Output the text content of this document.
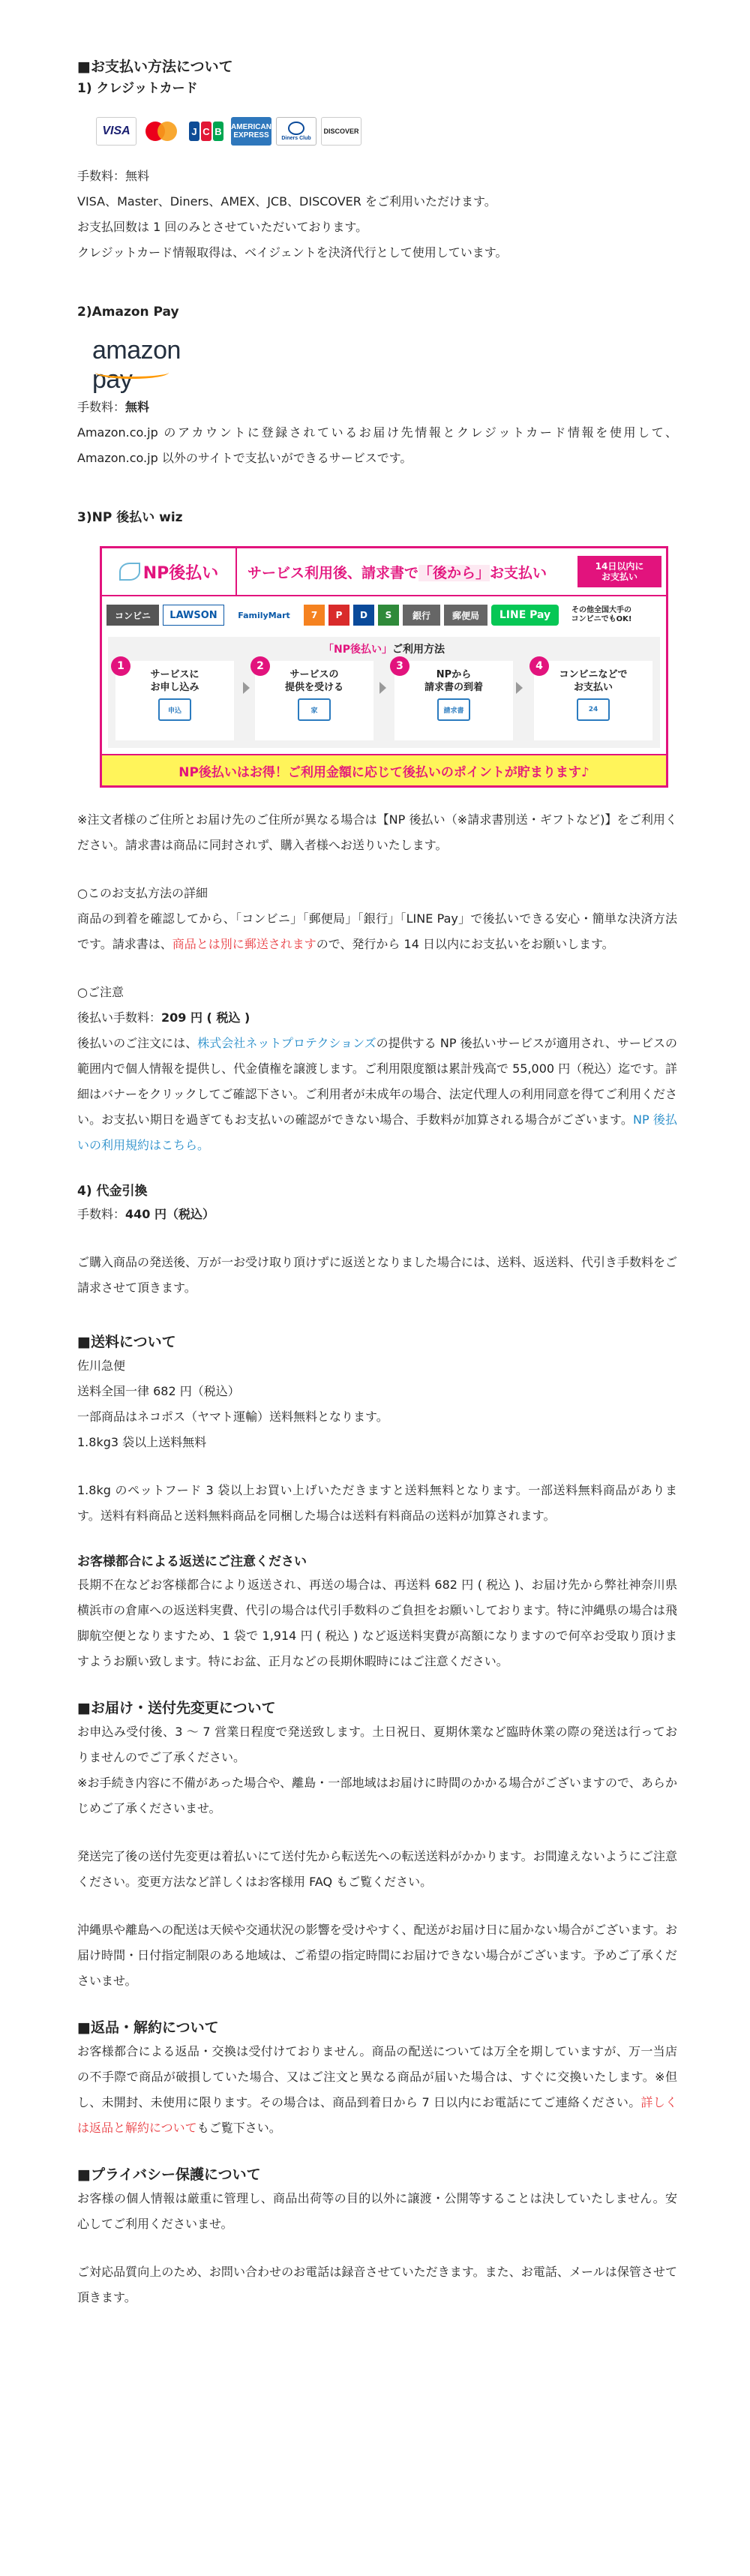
■お支払い方法について
1) クレジットカード
VISA	J C B AMERICAN EXPRESS	Diners Club
DISCOVER

手数料：無料

VISA、Master、Diners、AMEX、JCB、DISCOVER をご利用いただけます。

お支払回数は 1 回のみとさせていただいております。

クレジットカード情報取得は、ベイジェントを決済代行として使用しています。

2)Amazon Pay
amazon pay

手数料：無料

Amazon.co.jp のアカウントに登録されているお届け先情報とクレジットカード情報を使用して、Amazon.co.jp 以外のサイトで支払いができるサービスです。

3)NP 後払い wiz
NP後払い	サービス利用後、請求書で「後から」お支払い	14日以内に
お支払い
コンビニ	LAWSON	FamilyMart	7	P	D	S	銀行	郵便局	LINE Pay	その他全国大手の
コンビニでもOK!
「NP後払い」ご利用方法
1
サービスに
お申し込み
申込
2
サービスの
提供を受ける
家
3
NPから
請求書の到着
請求書
4
コンビニなどで
お支払い
24
NP後払いはお得！ご利用金額に応じて後払いのポイントが貯まります♪

※注文者様のご住所とお届け先のご住所が異なる場合は【NP 後払い（※請求書別送・ギフトなど)】をご利用ください。請求書は商品に同封されず、購入者様へお送りいたします。

○このお支払方法の詳細

商品の到着を確認してから、「コンビニ」「郵便局」「銀行」「LINE Pay」で後払いできる安心・簡単な決済方法です。請求書は、商品とは別に郵送されますので、発行から 14 日以内にお支払いをお願いします。

○ご注意

後払い手数料：209 円 ( 税込 )

後払いのご注文には、株式会社ネットプロテクションズの提供する NP 後払いサービスが適用され、サービスの範囲内で個人情報を提供し、代金債権を譲渡します。ご利用限度額は累計残高で 55,000 円（税込）迄です。詳細はバナーをクリックしてご確認下さい。ご利用者が未成年の場合、法定代理人の利用同意を得てご利用ください。お支払い期日を過ぎてもお支払いの確認ができない場合、手数料が加算される場合がございます。NP 後払いの利用規約はこちら。

4) 代金引換

手数料：440 円（税込）

ご購入商品の発送後、万が一お受け取り頂けずに返送となりました場合には、送料、返送料、代引き手数料をご請求させて頂きます。

■送料について

佐川急便

送料全国一律 682 円（税込）

一部商品はネコポス（ヤマト運輸）送料無料となります。

1.8kg3 袋以上送料無料

1.8kg のペットフード 3 袋以上お買い上げいただきますと送料無料となります。一部送料無料商品があります。送料有料商品と送料無料商品を同梱した場合は送料有料商品の送料が加算されます。

お客様都合による返送にご注意ください

長期不在などお客様都合により返送され、再送の場合は、再送料 682 円 ( 税込 )、お届け先から弊社神奈川県横浜市の倉庫への返送料実費、代引の場合は代引手数料のご負担をお願いしております。特に沖縄県の場合は飛脚航空便となりますため、1 袋で 1,914 円 ( 税込 ) など返送料実費が高額になりますので何卒お受取り頂けますようお願い致します。特にお盆、正月などの長期休暇時にはご注意ください。

■お届け・送付先変更について

お申込み受付後、3 ～ 7 営業日程度で発送致します。土日祝日、夏期休業など臨時休業の際の発送は行っておりませんのでご了承ください。

※お手続き内容に不備があった場合や、離島・一部地域はお届けに時間のかかる場合がございますので、あらかじめご了承くださいませ。

発送完了後の送付先変更は着払いにて送付先から転送先への転送送料がかかります。お間違えないようにご注意ください。変更方法など詳しくはお客様用 FAQ もご覧ください。

沖縄県や離島への配送は天候や交通状況の影響を受けやすく、配送がお届け日に届かない場合がございます。お届け時間・日付指定制限のある地域は、ご希望の指定時間にお届けできない場合がございます。予めご了承くださいませ。

■返品・解約について

お客様都合による返品・交換は受付けておりません。商品の配送については万全を期していますが、万一当店の不手際で商品が破損していた場合、又はご注文と異なる商品が届いた場合は、すぐに交換いたします。※但し、未開封、未使用に限ります。その場合は、商品到着日から 7 日以内にお電話にてご連絡ください。詳しくは返品と解約についてもご覧下さい。

■プライバシー保護について

お客様の個人情報は厳重に管理し、商品出荷等の目的以外に譲渡・公開等することは決していたしません。安心してご利用くださいませ。

ご対応品質向上のため、お問い合わせのお電話は録音させていただきます。また、お電話、メールは保管させて頂きます。
